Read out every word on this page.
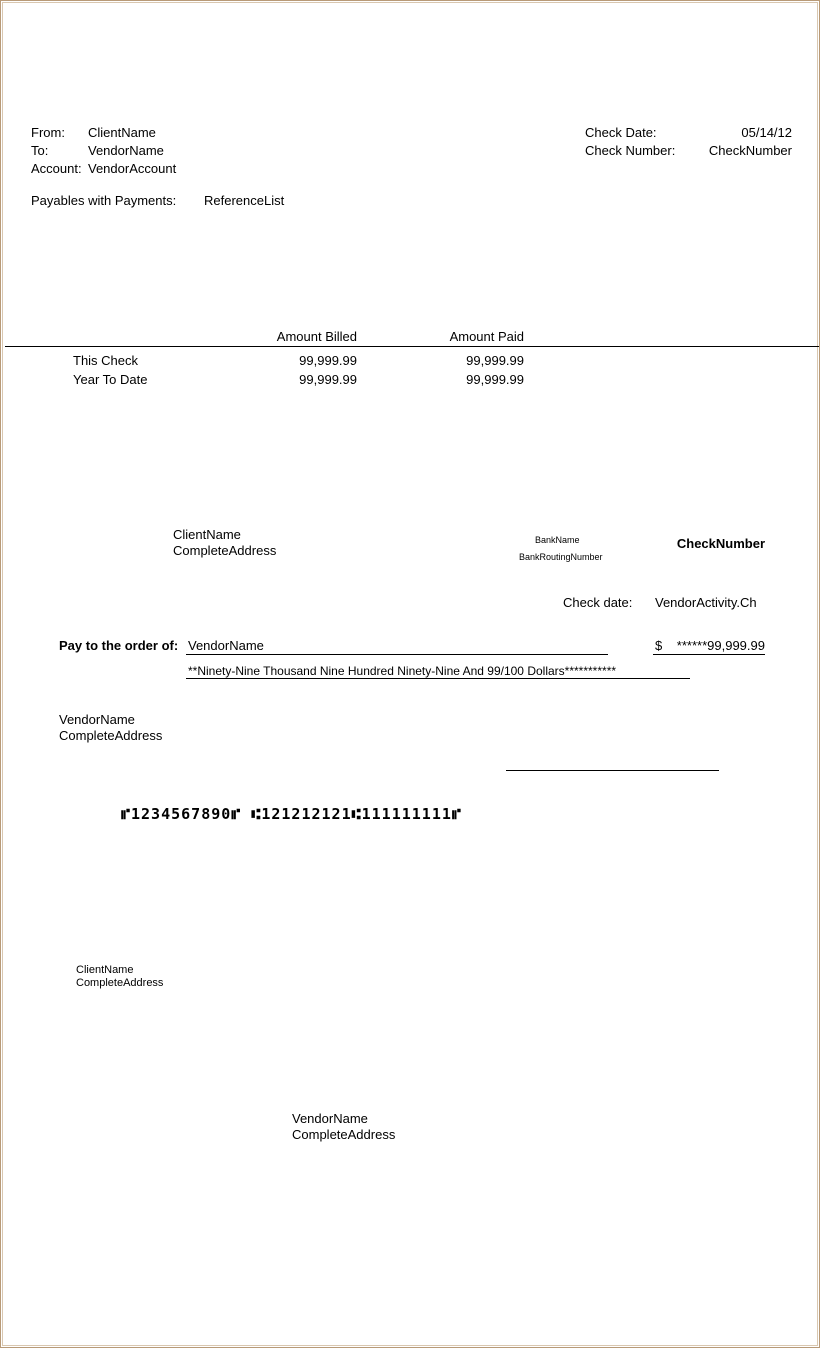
From: ClientName
To:	VendorName
Account: VendorAccount
Check Date:	05/14/12
Check Number:	CheckNumber
Payables with Payments: ReferenceList
Amount Billed	Amount Paid
This Check	99,999.99	99,999.99
Year To Date	99,999.99	99,999.99
ClientName
CompleteAddress
BankName
BankRoutingNumber
CheckNumber
Check date: VendorActivity.Ch
Pay to the order of: VendorName	$	******99,999.99
**Ninety-Nine Thousand Nine Hundred Ninety-Nine And 99/100 Dollars***********
VendorName
CompleteAddress
⑈1234567890⑈ ⑆121212121⑆111111111⑈
ClientName
CompleteAddress
VendorName
CompleteAddress
